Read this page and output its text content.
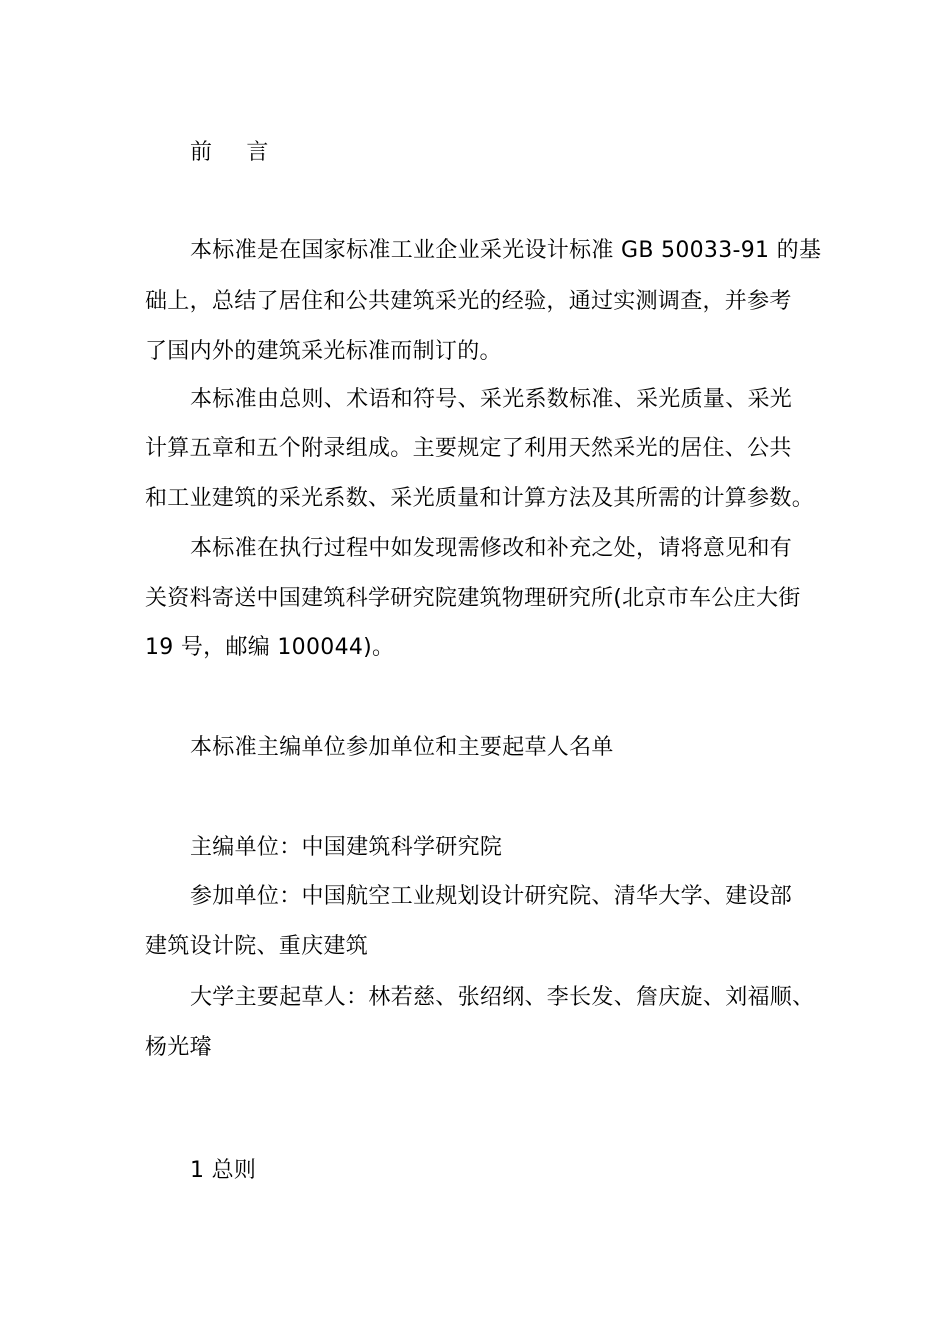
前 言
本标准是在国家标准工业企业采光设计标准 GB 50033-91 的基
础上，总结了居住和公共建筑采光的经验，通过实测调查，并参考
了国内外的建筑采光标准而制订的。
本标准由总则、术语和符号、采光系数标准、采光质量、采光
计算五章和五个附录组成。主要规定了利用天然采光的居住、公共
和工业建筑的采光系数、采光质量和计算方法及其所需的计算参数。
本标准在执行过程中如发现需修改和补充之处，请将意见和有
关资料寄送中国建筑科学研究院建筑物理研究所(北京市车公庄大街
19 号，邮编 100044)。
本标准主编单位参加单位和主要起草人名单
主编单位：中国建筑科学研究院
参加单位：中国航空工业规划设计研究院、清华大学、建设部
建筑设计院、重庆建筑
大学主要起草人：林若慈、张绍纲、李长发、詹庆旋、刘福顺、
杨光璿
1 总则
